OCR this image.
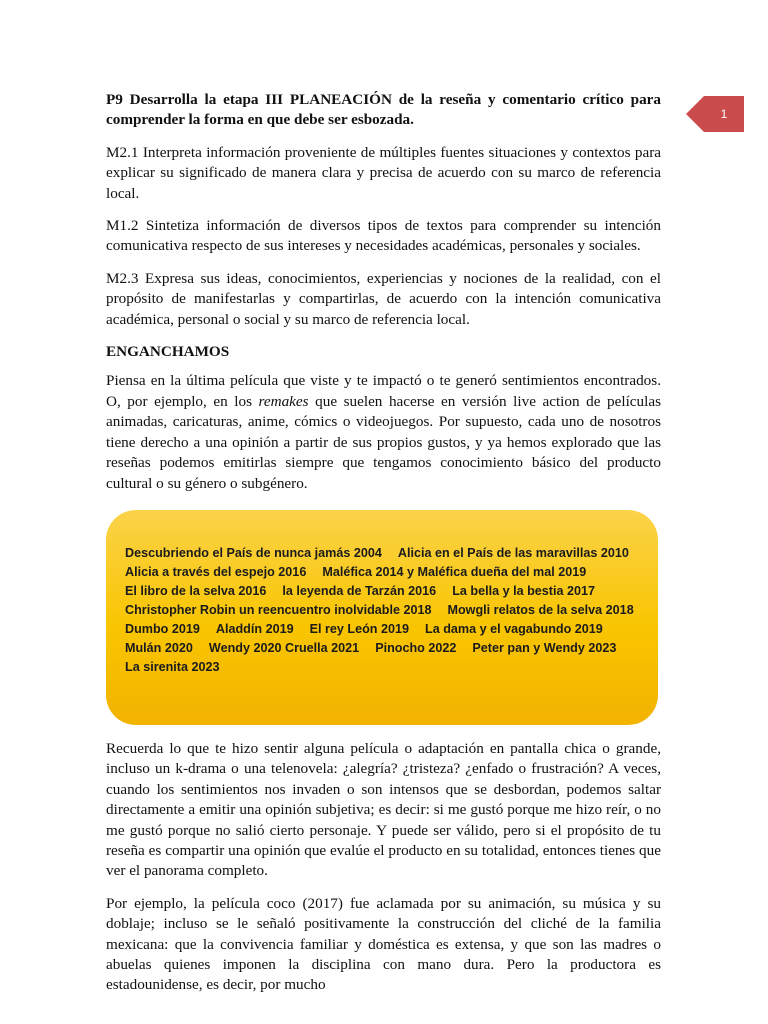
1

P9 Desarrolla la etapa III PLANEACIÓN de la reseña y comentario crítico para comprender la forma en que debe ser esbozada.

M2.1 Interpreta información proveniente de múltiples fuentes situaciones y contextos para explicar su significado de manera clara y precisa de acuerdo con su marco de referencia local.

M1.2 Sintetiza información de diversos tipos de textos para comprender su intención comunicativa respecto de sus intereses y necesidades académicas, personales y sociales.

M2.3 Expresa sus ideas, conocimientos, experiencias y nociones de la realidad, con el propósito de manifestarlas y compartirlas, de acuerdo con la intención comunicativa académica, personal o social y su marco de referencia local.

ENGANCHAMOS

Piensa en la última película que viste y te impactó o te generó sentimientos encontrados. O, por ejemplo, en los remakes que suelen hacerse en versión live action de películas animadas, caricaturas, anime, cómics o videojuegos. Por supuesto, cada uno de nosotros tiene derecho a una opinión a partir de sus propios gustos, y ya hemos explorado que las reseñas podemos emitirlas siempre que tengamos conocimiento básico del producto cultural o su género o subgénero.

Descubriendo el País de nunca jamás 2004 Alicia en el País de las maravillas 2010
Alicia a través del espejo 2016 Maléfica 2014 y Maléfica dueña del mal 2019
El libro de la selva 2016 la leyenda de Tarzán 2016 La bella y la bestia 2017
Christopher Robin un reencuentro inolvidable 2018 Mowgli relatos de la selva 2018
Dumbo 2019 Aladdín 2019 El rey León 2019 La dama y el vagabundo 2019
Mulán 2020 Wendy 2020 Cruella 2021 Pinocho 2022 Peter pan y Wendy 2023
La sirenita 2023

Recuerda lo que te hizo sentir alguna película o adaptación en pantalla chica o grande, incluso un k-drama o una telenovela: ¿alegría? ¿tristeza? ¿enfado o frustración? A veces, cuando los sentimientos nos invaden o son intensos que se desbordan, podemos saltar directamente a emitir una opinión subjetiva; es decir: si me gustó porque me hizo reír, o no me gustó porque no salió cierto personaje. Y puede ser válido, pero si el propósito de tu reseña es compartir una opinión que evalúe el producto en su totalidad, entonces tienes que ver el panorama completo.

Por ejemplo, la película coco (2017) fue aclamada por su animación, su música y su doblaje; incluso se le señaló positivamente la construcción del cliché de la familia mexicana: que la convivencia familiar y doméstica es extensa, y que son las madres o abuelas quienes imponen la disciplina con mano dura. Pero la productora es estadounidense, es decir, por mucho
